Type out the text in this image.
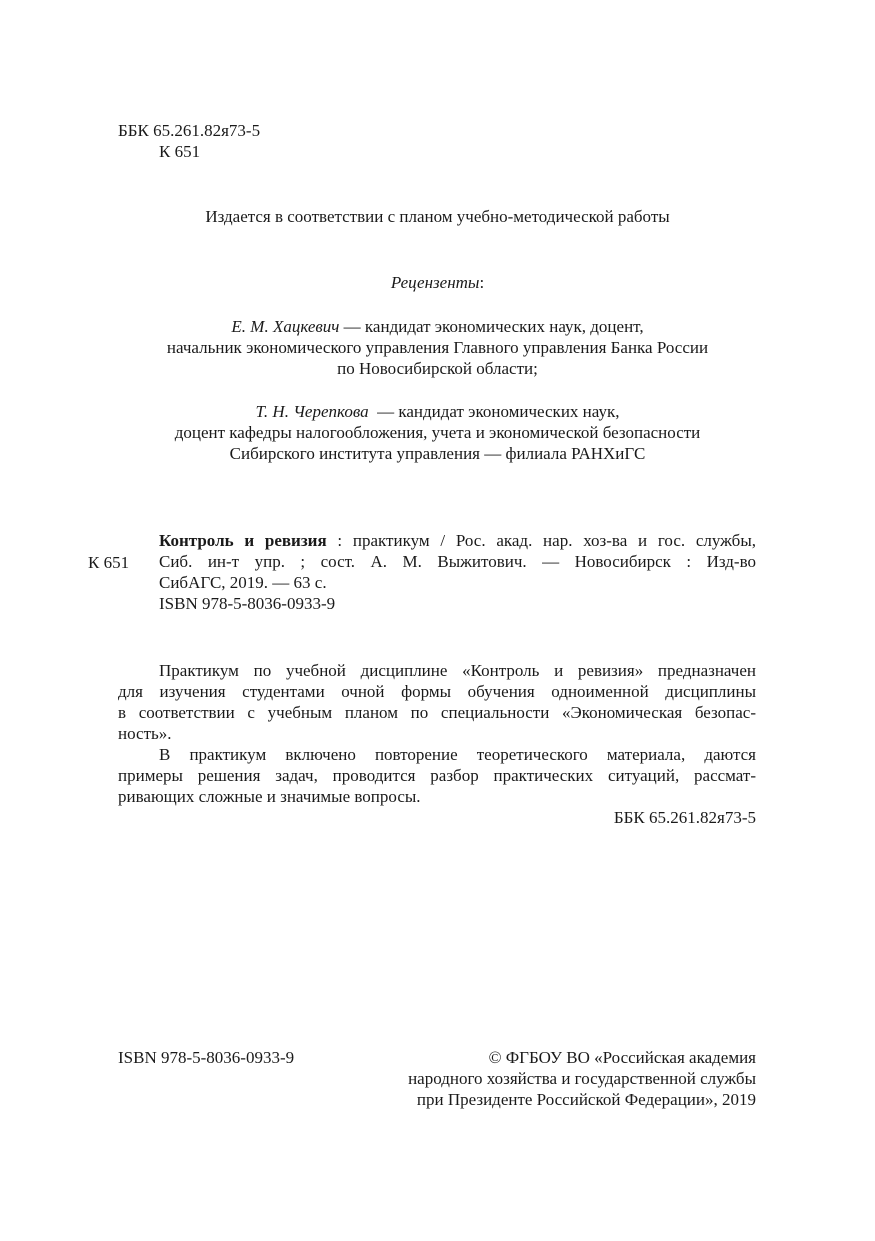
ББК 65.261.82я73-5
К 651
Издается в соответствии с планом учебно-методической работы
Рецензенты:
Е. М. Хацкевич — кандидат экономических наук, доцент,
начальник экономического управления Главного управления Банка России
по Новосибирской области;
Т. Н. Черепкова  — кандидат экономических наук,
доцент кафедры налогообложения, учета и экономической безопасности
Сибирского института управления — филиала РАНХиГС
К 651
Контроль и ревизия : практикум / Рос. акад. нар. хоз-ва и гос. службы,
Сиб. ин-т упр. ; сост. А. М. Выжитович. — Новосибирск : Изд-во
СибАГС, 2019. — 63 с.
ISBN 978-5-8036-0933-9
Практикум по учебной дисциплине «Контроль и ревизия» предназначен
для изучения студентами очной формы обучения одноименной дисциплины
в соответствии с учебным планом по специальности «Экономическая безопас-
ность».
В практикум включено повторение теоретического материала, даются
примеры решения задач, проводится разбор практических ситуаций, рассмат-
ривающих сложные и значимые вопросы.
ББК 65.261.82я73-5
ISBN 978-5-8036-0933-9	© ФГБОУ ВО «Российская академия
народного хозяйства и государственной службы
при Президенте Российской Федерации», 2019
